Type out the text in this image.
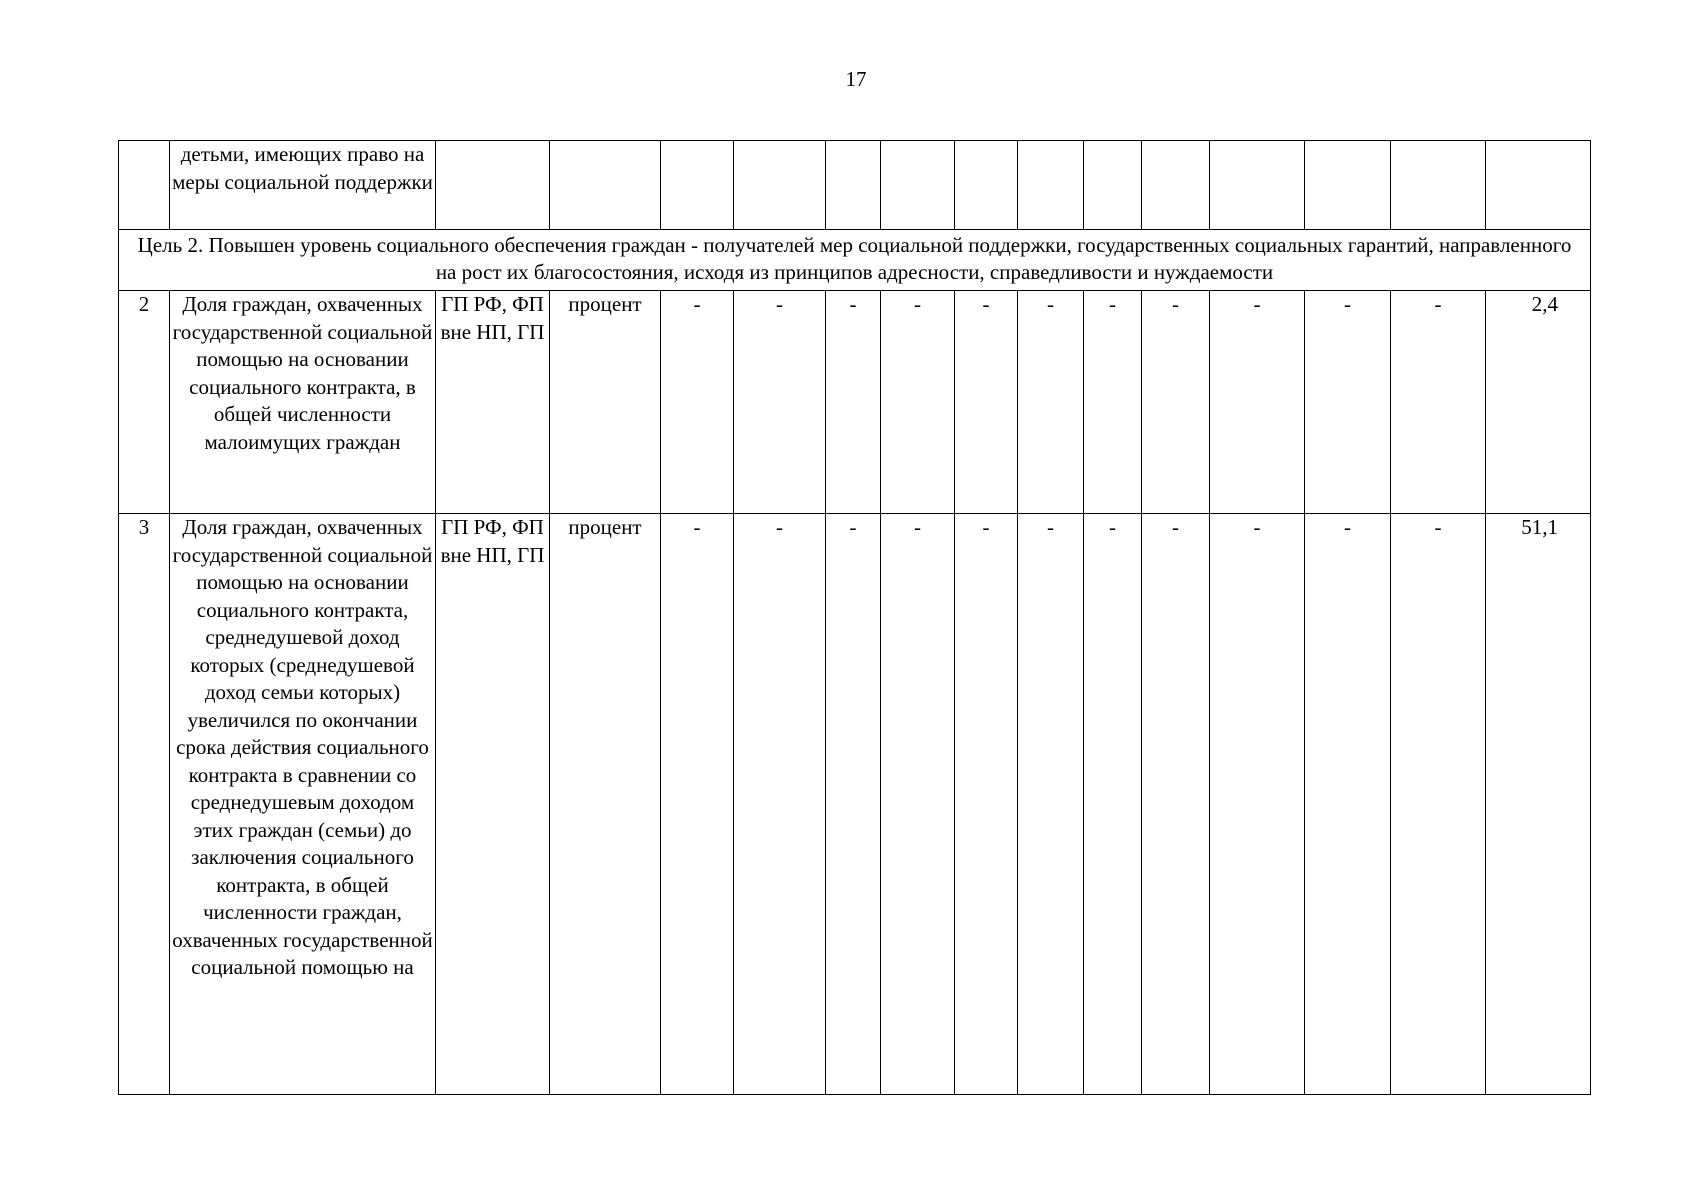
17
	детьми, имеющих право на меры социальной поддержки														
Цель 2. Повышен уровень социального обеспечения граждан - получателей мер социальной поддержки, государственных социальных гарантий, направленного на рост их благосостояния, исходя из принципов адресности, справедливости и нуждаемости															
2	Доля граждан, охваченных государственной социальной помощью на основании социального контракта, в общей численности малоимущих граждан	ГП РФ, ФП вне НП, ГП	процент	-	-	-	-	-	-	-	-	-	-	-	2,4
3	Доля граждан, охваченных государственной социальной помощью на основании социального контракта, среднедушевой доход которых (среднедушевой доход семьи которых) увеличился по окончании срока действия социального контракта в сравнении со среднедушевым доходом этих граждан (семьи) до заключения социального контракта, в общей численности граждан, охваченных государственной социальной помощью на	ГП РФ, ФП вне НП, ГП	процент	-	-	-	-	-	-	-	-	-	-	-	51,1
